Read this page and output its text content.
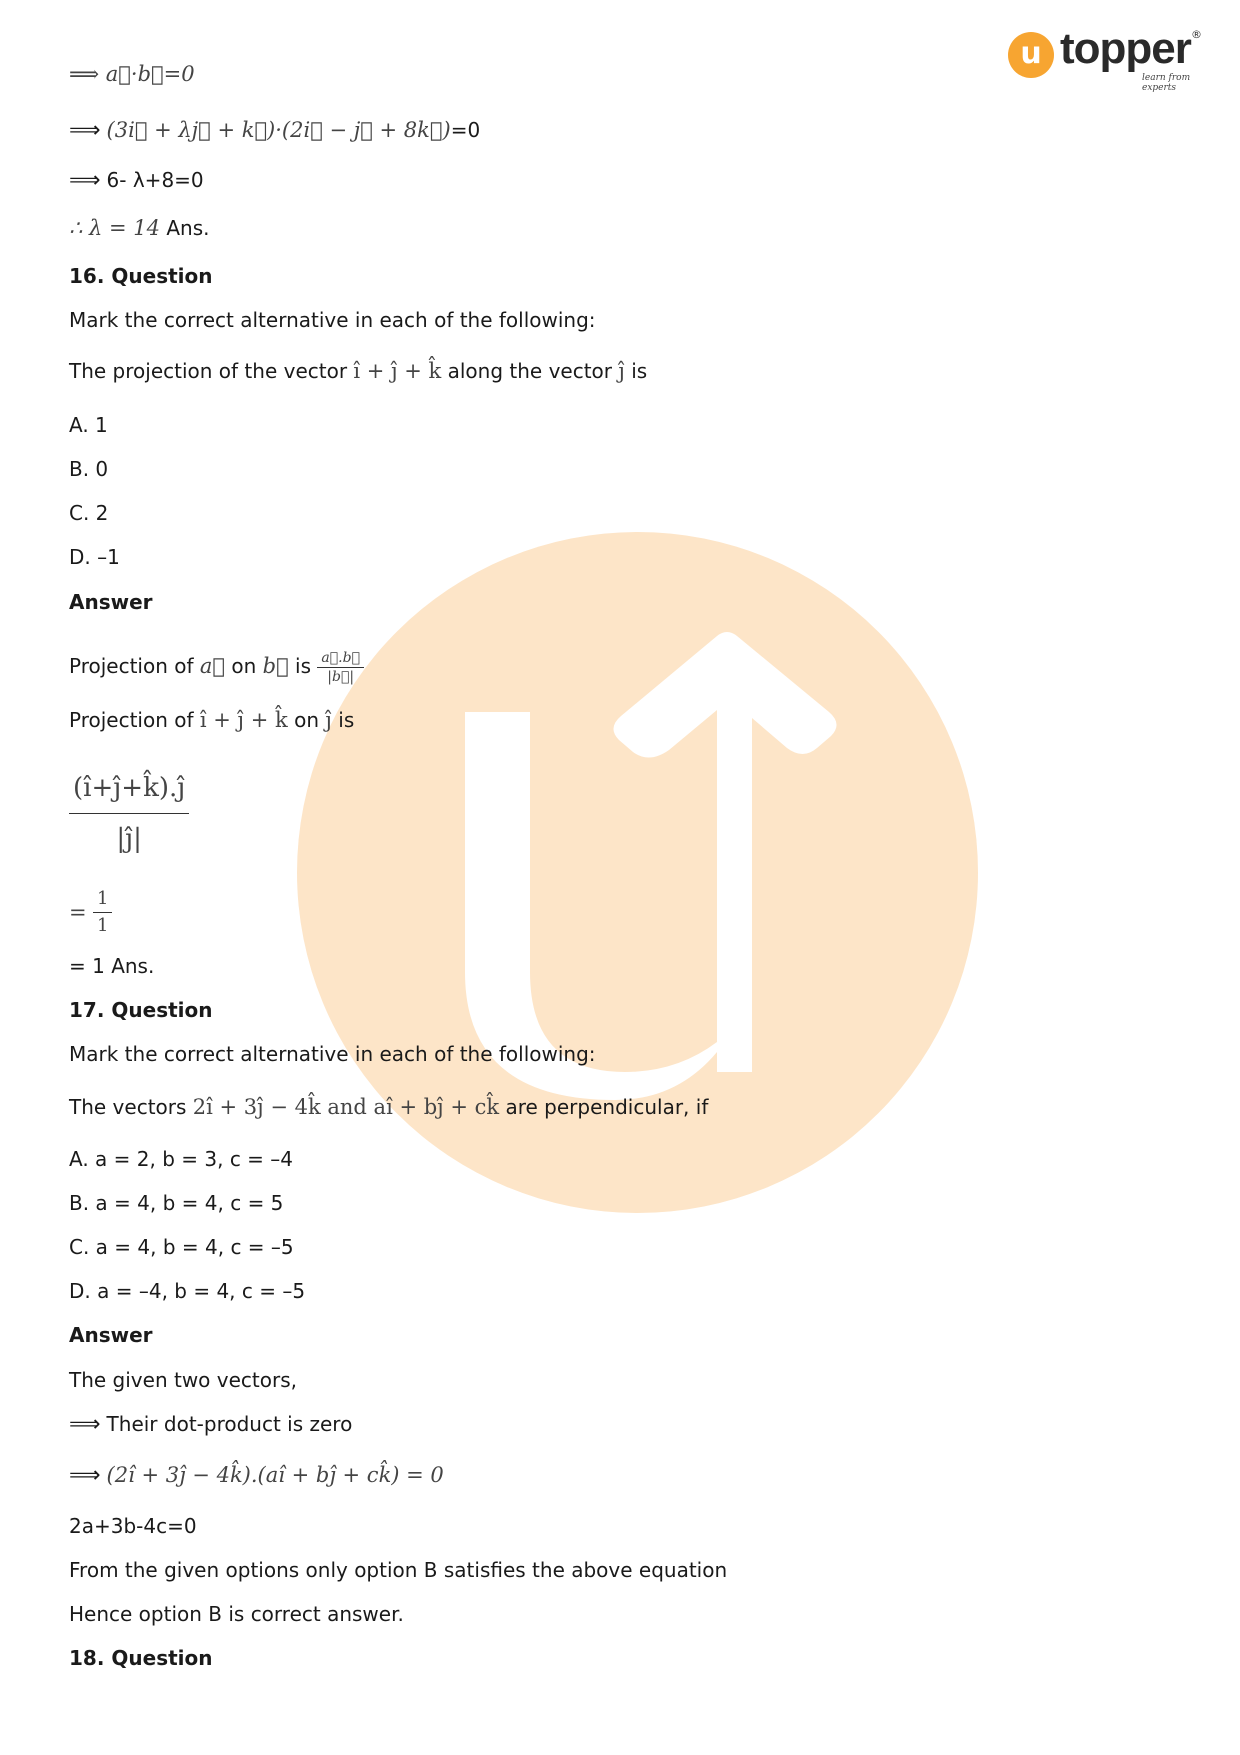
u topper ®
learn from experts
⟹ a⃗·b⃗=0
⟹ (3i⃗ + λj⃗ + k⃗)·(2i⃗ − j⃗ + 8k⃗)=0
⟹ 6- λ+8=0
∴ λ = 14 Ans.
16. Question
Mark the correct alternative in each of the following:
The projection of the vector î + ĵ + k̂ along the vector ĵ is
A. 1
B. 0
C. 2
D. –1
Answer
Projection of a⃗ on b⃗ is $\frac{a⃗.b⃗}{|b⃗|}$
Projection of î + ĵ + k̂ on ĵ is
$\frac{(î+ĵ+k̂).ĵ}{|ĵ|}$
= $\frac{1}{1}$
= 1 Ans.
17. Question
Mark the correct alternative in each of the following:
The vectors 2î + 3ĵ − 4k̂ and aî + bĵ + ck̂ are perpendicular, if
A. a = 2, b = 3, c = –4
B. a = 4, b = 4, c = 5
C. a = 4, b = 4, c = –5
D. a = –4, b = 4, c = –5
Answer
The given two vectors,
⟹ Their dot-product is zero
⟹ (2î + 3ĵ − 4k̂).(aî + bĵ + ck̂) = 0
2a+3b-4c=0
From the given options only option B satisfies the above equation
Hence option B is correct answer.
18. Question
